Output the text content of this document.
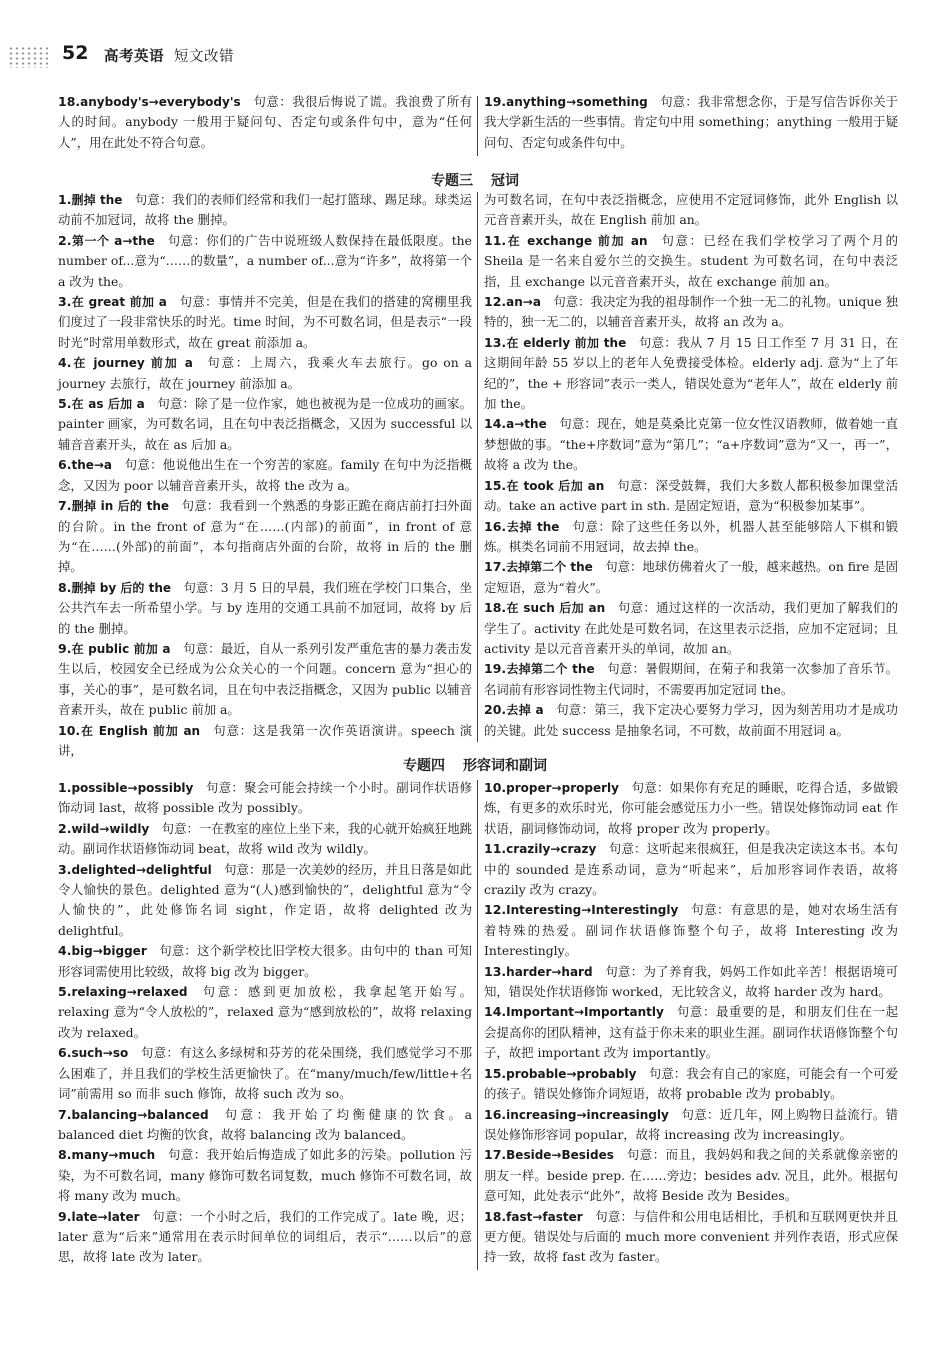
52 高考英语 短文改错
18.anybody's→everybody's 句意：我很后悔说了谎。我浪费了所有人的时间。anybody 一般用于疑问句、否定句或条件句中，意为“任何人”，用在此处不符合句意。
19.anything→something 句意：我非常想念你，于是写信告诉你关于我大学新生活的一些事情。肯定句中用 something；anything 一般用于疑问句、否定句或条件句中。
专题三 冠词
1.删掉 the 句意：我们的表师们经常和我们一起打篮球、踢足球。球类运动前不加冠词，故将 the 删掉。
2.第一个 a→the 句意：你们的广告中说班级人数保持在最低限度。the number of...意为“……的数量”，a number of...意为“许多”，故将第一个 a 改为 the。
3.在 great 前加 a 句意：事情并不完美，但是在我们的搭建的窝棚里我们度过了一段非常快乐的时光。time 时间，为不可数名词，但是表示“一段时光”时常用单数形式，故在 great 前添加 a。
4.在 journey 前加 a 句意：上周六，我乘火车去旅行。go on a journey 去旅行，故在 journey 前添加 a。
5.在 as 后加 a 句意：除了是一位作家，她也被视为是一位成功的画家。painter 画家，为可数名词，且在句中表泛指概念，又因为 successful 以辅音音素开头，故在 as 后加 a。
6.the→a 句意：他说他出生在一个穷苦的家庭。family 在句中为泛指概念，又因为 poor 以辅音音素开头，故将 the 改为 a。
7.删掉 in 后的 the 句意：我看到一个熟悉的身影正跪在商店前打扫外面的台阶。in the front of 意为“在……(内部)的前面”，in front of 意为“在……(外部)的前面”，本句指商店外面的台阶，故将 in 后的 the 删掉。
8.删掉 by 后的 the 句意：3 月 5 日的早晨，我们班在学校门口集合，坐公共汽车去一所希望小学。与 by 连用的交通工具前不加冠词，故将 by 后的 the 删掉。
9.在 public 前加 a 句意：最近，自从一系列引发严重危害的暴力袭击发生以后，校园安全已经成为公众关心的一个问题。concern 意为“担心的事，关心的事”，是可数名词，且在句中表泛指概念，又因为 public 以辅音音素开头，故在 public 前加 a。
10.在 English 前加 an 句意：这是我第一次作英语演讲。speech 演讲，
为可数名词，在句中表泛指概念，应使用不定冠词修饰，此外 English 以元音音素开头，故在 English 前加 an。
11.在 exchange 前加 an 句意：已经在我们学校学习了两个月的 Sheila 是一名来自爱尔兰的交换生。student 为可数名词，在句中表泛指，且 exchange 以元音音素开头，故在 exchange 前加 an。
12.an→a 句意：我决定为我的祖母制作一个独一无二的礼物。unique 独特的，独一无二的，以辅音音素开头，故将 an 改为 a。
13.在 elderly 前加 the 句意：我从 7 月 15 日工作至 7 月 31 日，在这期间年龄 55 岁以上的老年人免费接受体检。elderly adj. 意为“上了年纪的”，the + 形容词”表示一类人，错误处意为“老年人”，故在 elderly 前加 the。
14.a→the 句意：现在，她是莫桑比克第一位女性汉语教师，做着她一直梦想做的事。“the+序数词”意为“第几”；“a+序数词”意为“又一，再一”，故将 a 改为 the。
15.在 took 后加 an 句意：深受鼓舞，我们大多数人都积极参加课堂活动。take an active part in sth. 是固定短语，意为“积极参加某事”。
16.去掉 the 句意：除了这些任务以外，机器人甚至能够陪人下棋和锻炼。棋类名词前不用冠词，故去掉 the。
17.去掉第二个 the 句意：地球仿佛着火了一般，越来越热。on fire 是固定短语，意为“着火”。
18.在 such 后加 an 句意：通过这样的一次活动，我们更加了解我们的学生了。activity 在此处是可数名词，在这里表示泛指，应加不定冠词；且 activity 是以元音音素开头的单词，故加 an。
19.去掉第二个 the 句意：暑假期间，在菊子和我第一次参加了音乐节。名词前有形容词性物主代词时，不需要再加定冠词 the。
20.去掉 a 句意：第三，我下定决心要努力学习，因为刻苦用功才是成功的关键。此处 success 是抽象名词，不可数，故前面不用冠词 a。
专题四 形容词和副词
1.possible→possibly 句意：聚会可能会持续一个小时。副词作状语修饰动词 last，故将 possible 改为 possibly。
2.wild→wildly 句意：一在教室的座位上坐下来，我的心就开始疯狂地跳动。副词作状语修饰动词 beat，故将 wild 改为 wildly。
3.delighted→delightful 句意：那是一次美妙的经历，并且日落是如此令人愉快的景色。delighted 意为“(人)感到愉快的”，delightful 意为“令人愉快的”，此处修饰名词 sight，作定语，故将 delighted 改为 delightful。
4.big→bigger 句意：这个新学校比旧学校大很多。由句中的 than 可知形容词需使用比较级，故将 big 改为 bigger。
5.relaxing→relaxed 句意：感到更加放松，我拿起笔开始写。relaxing 意为“令人放松的”，relaxed 意为“感到放松的”，故将 relaxing 改为 relaxed。
6.such→so 句意：有这么多绿树和芬芳的花朵围绕，我们感觉学习不那么困难了，并且我们的学校生活更愉快了。在“many/much/few/little+名词”前需用 so 而非 such 修饰，故将 such 改为 so。
7.balancing→balanced 句意：我开始了均衡健康的饮食。a balanced diet 均衡的饮食，故将 balancing 改为 balanced。
8.many→much 句意：我开始后悔造成了如此多的污染。pollution 污染，为不可数名词，many 修饰可数名词复数，much 修饰不可数名词，故将 many 改为 much。
9.late→later 句意：一个小时之后，我们的工作完成了。late 晚，迟；later 意为“后来”通常用在表示时间单位的词组后，表示“……以后”的意思，故将 late 改为 later。
10.proper→properly 句意：如果你有充足的睡眠，吃得合适，多做锻炼，有更多的欢乐时光，你可能会感觉压力小一些。错误处修饰动词 eat 作状语，副词修饰动词，故将 proper 改为 properly。
11.crazily→crazy 句意：这听起来很疯狂，但是我决定读这本书。本句中的 sounded 是连系动词，意为“听起来”，后加形容词作表语，故将 crazily 改为 crazy。
12.Interesting→Interestingly 句意：有意思的是，她对农场生活有着特殊的热爱。副词作状语修饰整个句子，故将 Interesting 改为 Interestingly。
13.harder→hard 句意：为了养育我，妈妈工作如此辛苦！根据语境可知，错误处作状语修饰 worked，无比较含义，故将 harder 改为 hard。
14.Important→Importantly 句意：最重要的是，和朋友们住在一起会提高你的团队精神，这有益于你未来的职业生涯。副词作状语修饰整个句子，故把 important 改为 importantly。
15.probable→probably 句意：我会有自己的家庭，可能会有一个可爱的孩子。错误处修饰介词短语，故将 probable 改为 probably。
16.increasing→increasingly 句意：近几年，网上购物日益流行。错误处修饰形容词 popular，故将 increasing 改为 increasingly。
17.Beside→Besides 句意：而且，我妈妈和我之间的关系就像亲密的朋友一样。beside prep. 在……旁边；besides adv. 况且，此外。根据句意可知，此处表示“此外”，故将 Beside 改为 Besides。
18.fast→faster 句意：与信件和公用电话相比，手机和互联网更快并且更方便。错误处与后面的 much more convenient 并列作表语，形式应保持一致，故将 fast 改为 faster。
